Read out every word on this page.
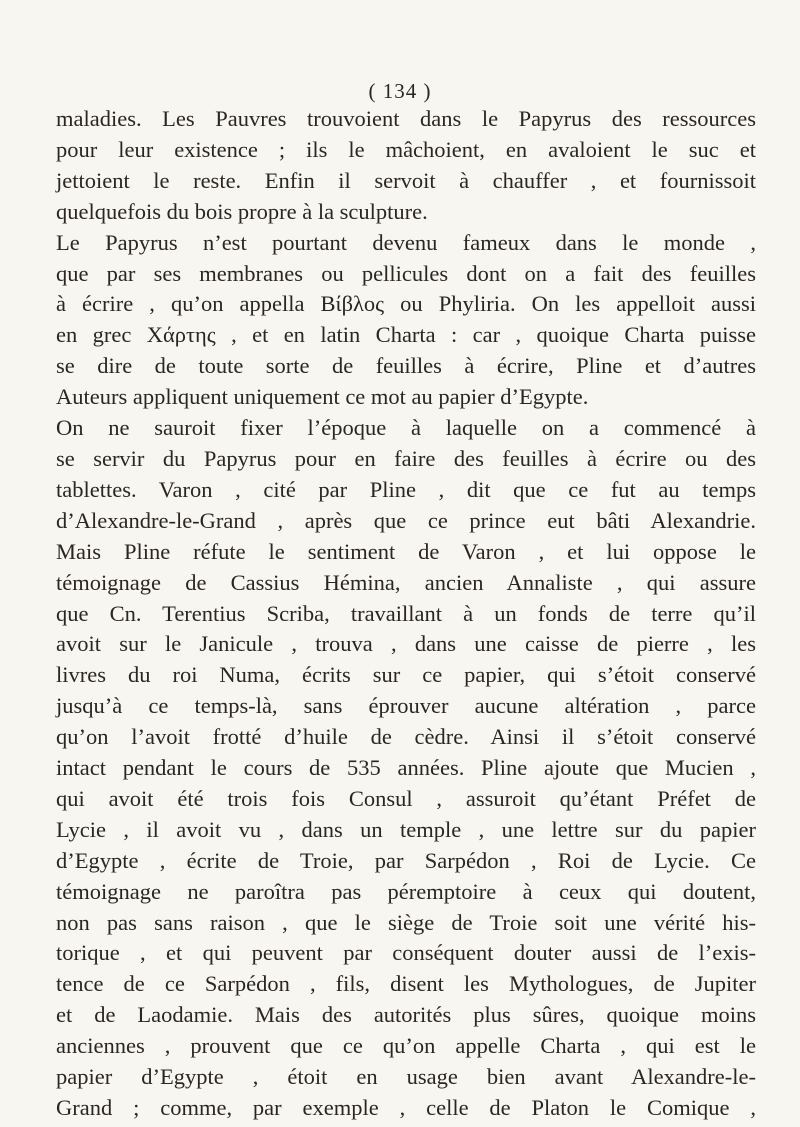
( 134 )
maladies. Les Pauvres trouvoient dans le Papyrus des ressources
pour leur existence ; ils le mâchoient, en avaloient le suc et
jettoient le reste. Enfin il servoit à chauffer , et fournissoit
quelquefois du bois propre à la sculpture.
Le Papyrus n’est pourtant devenu fameux dans le monde ,
que par ses membranes ou pellicules dont on a fait des feuilles
à écrire , qu’on appella Βίβλος ou Phyliria. On les appelloit aussi
en grec Χάρτης , et en latin Charta : car , quoique Charta puisse
se dire de toute sorte de feuilles à écrire, Pline et d’autres
Auteurs appliquent uniquement ce mot au papier d’Egypte.
On ne sauroit fixer l’époque à laquelle on a commencé à
se servir du Papyrus pour en faire des feuilles à écrire ou des
tablettes. Varon , cité par Pline , dit que ce fut au temps
d’Alexandre-le-Grand , après que ce prince eut bâti Alexandrie.
Mais Pline réfute le sentiment de Varon , et lui oppose le
témoignage de Cassius Hémina, ancien Annaliste , qui assure
que Cn. Terentius Scriba, travaillant à un fonds de terre qu’il
avoit sur le Janicule , trouva , dans une caisse de pierre , les
livres du roi Numa, écrits sur ce papier, qui s’étoit conservé
jusqu’à ce temps-là, sans éprouver aucune altération , parce
qu’on l’avoit frotté d’huile de cèdre. Ainsi il s’étoit conservé
intact pendant le cours de 535 années. Pline ajoute que Mucien ,
qui avoit été trois fois Consul , assuroit qu’étant Préfet de
Lycie , il avoit vu , dans un temple , une lettre sur du papier
d’Egypte , écrite de Troie, par Sarpédon , Roi de Lycie. Ce
témoignage ne paroîtra pas péremptoire à ceux qui doutent,
non pas sans raison , que le siège de Troie soit une vérité his-
torique , et qui peuvent par conséquent douter aussi de l’exis-
tence de ce Sarpédon , fils, disent les Mythologues, de Jupiter
et de Laodamie. Mais des autorités plus sûres, quoique moins
anciennes , prouvent que ce qu’on appelle Charta , qui est le
papier d’Egypte , étoit en usage bien avant Alexandre-le-
Grand ; comme, par exemple , celle de Platon le Comique ,
